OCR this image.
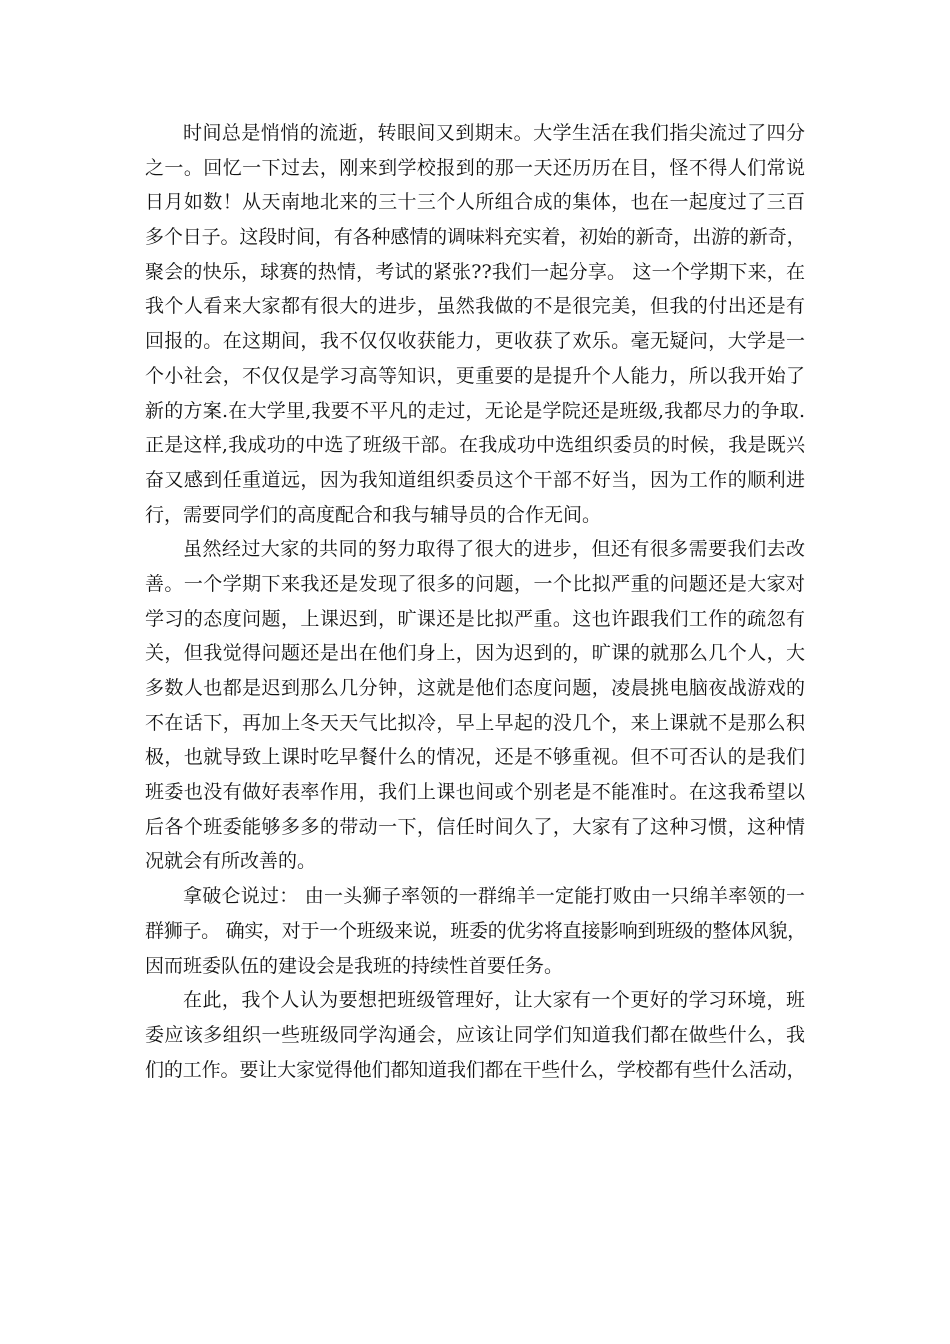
时间总是悄悄的流逝，转眼间又到期末。大学生活在我们指尖流过了四分
之一。回忆一下过去，刚来到学校报到的那一天还历历在目，怪不得人们常说
日月如数！从天南地北来的三十三个人所组合成的集体，也在一起度过了三百
多个日子。这段时间，有各种感情的调味料充实着，初始的新奇，出游的新奇，
聚会的快乐，球赛的热情，考试的紧张??我们一起分享。 这一个学期下来，在
我个人看来大家都有很大的进步，虽然我做的不是很完美，但我的付出还是有
回报的。在这期间，我不仅仅收获能力，更收获了欢乐。毫无疑问，大学是一
个小社会，不仅仅是学习高等知识，更重要的是提升个人能力，所以我开始了
新的方案.在大学里,我要不平凡的走过，无论是学院还是班级,我都尽力的争取.
正是这样,我成功的中选了班级干部。在我成功中选组织委员的时候，我是既兴
奋又感到任重道远，因为我知道组织委员这个干部不好当，因为工作的顺利进
行，需要同学们的高度配合和我与辅导员的合作无间。
虽然经过大家的共同的努力取得了很大的进步，但还有很多需要我们去改
善。一个学期下来我还是发现了很多的问题，一个比拟严重的问题还是大家对
学习的态度问题，上课迟到，旷课还是比拟严重。这也许跟我们工作的疏忽有
关，但我觉得问题还是出在他们身上，因为迟到的，旷课的就那么几个人，大
多数人也都是迟到那么几分钟，这就是他们态度问题，凌晨挑电脑夜战游戏的
不在话下，再加上冬天天气比拟冷，早上早起的没几个，来上课就不是那么积
极，也就导致上课时吃早餐什么的情况，还是不够重视。但不可否认的是我们
班委也没有做好表率作用，我们上课也间或个别老是不能准时。在这我希望以
后各个班委能够多多的带动一下，信任时间久了，大家有了这种习惯，这种情
况就会有所改善的。
拿破仑说过： 由一头狮子率领的一群绵羊一定能打败由一只绵羊率领的一
群狮子。 确实，对于一个班级来说，班委的优劣将直接影响到班级的整体风貌，
因而班委队伍的建设会是我班的持续性首要任务。
在此，我个人认为要想把班级管理好，让大家有一个更好的学习环境，班
委应该多组织一些班级同学沟通会，应该让同学们知道我们都在做些什么，我
们的工作。要让大家觉得他们都知道我们都在干些什么，学校都有些什么活动，
